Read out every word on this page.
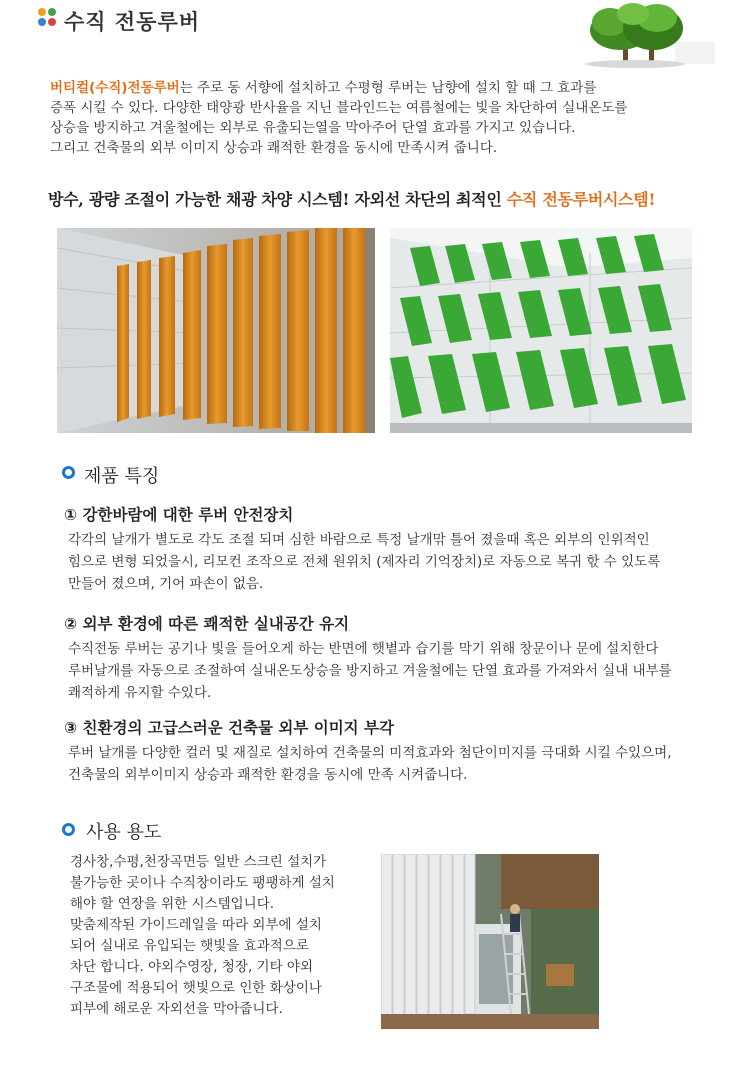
수직 전동루버
버티컬(수직)전동루버는 주로 동 서향에 설치하고 수평형 루버는 남향에 설치 할 때 그 효과를
증폭 시킬 수 있다. 다양한 태양광 반사율을 지닌 블라인드는 여름철에는 빛을 차단하여 실내온도를
상승을 방지하고 겨울철에는 외부로 유출되는열을 막아주어 단열 효과를 가지고 있습니다.
그리고 건축물의 외부 이미지 상승과 쾌적한 환경을 동시에 만족시켜 줍니다.
방수, 광량 조절이 가능한 채광 차양 시스템! 자외선 차단의 최적인 수직 전동루버시스템!
제품 특징
① 강한바람에 대한 루버 안전장치
각각의 날개가 별도로 각도 조절 되며 심한 바람으로 특정 날개맊 틀어 졌을때 혹은 외부의 인위적인
힘으로 변형 되었을시, 리모컨 조작으로 전체 원위치 (제자리 기억장치)로 자동으로 복귀 핛 수 있도록
만들어 졌으며, 기어 파손이 없음.
② 외부 환경에 따른 쾌적한 실내공간 유지
수직전동 루버는 공기나 빛을 들어오게 하는 반면에 햇볕과 습기를 막기 위해 창문이나 문에 설치한다
루버날개를 자동으로 조절하여 실내온도상승을 방지하고 겨울철에는 단열 효과를 가져와서 실내 내부를
쾌적하게 유지할 수있다.
③ 친환경의 고급스러운 건축물 외부 이미지 부각
루버 날개를 다양한 컬러 및 재질로 설치하여 건축물의 미적효과와 첨단이미지를 극대화 시킬 수있으며,
건축물의 외부이미지 상승과 쾌적한 환경을 동시에 만족 시켜줍니다.
사용 용도
경사창,수평,천장곡면등 일반 스크린 설치가
불가능한 곳이나 수직창이라도 팽팽하게 설치
해야 할 연장을 위한 시스템입니다.
맞춤제작된 가이드레일을 따라 외부에 설치
되어 실내로 유입되는 햇빛을 효과적으로
차단 합니다. 야외수영장, 청장, 기타 야외
구조물에 적용되어 햇빛으로 인한 화상이나
피부에 해로운 자외선을 막아줍니다.
